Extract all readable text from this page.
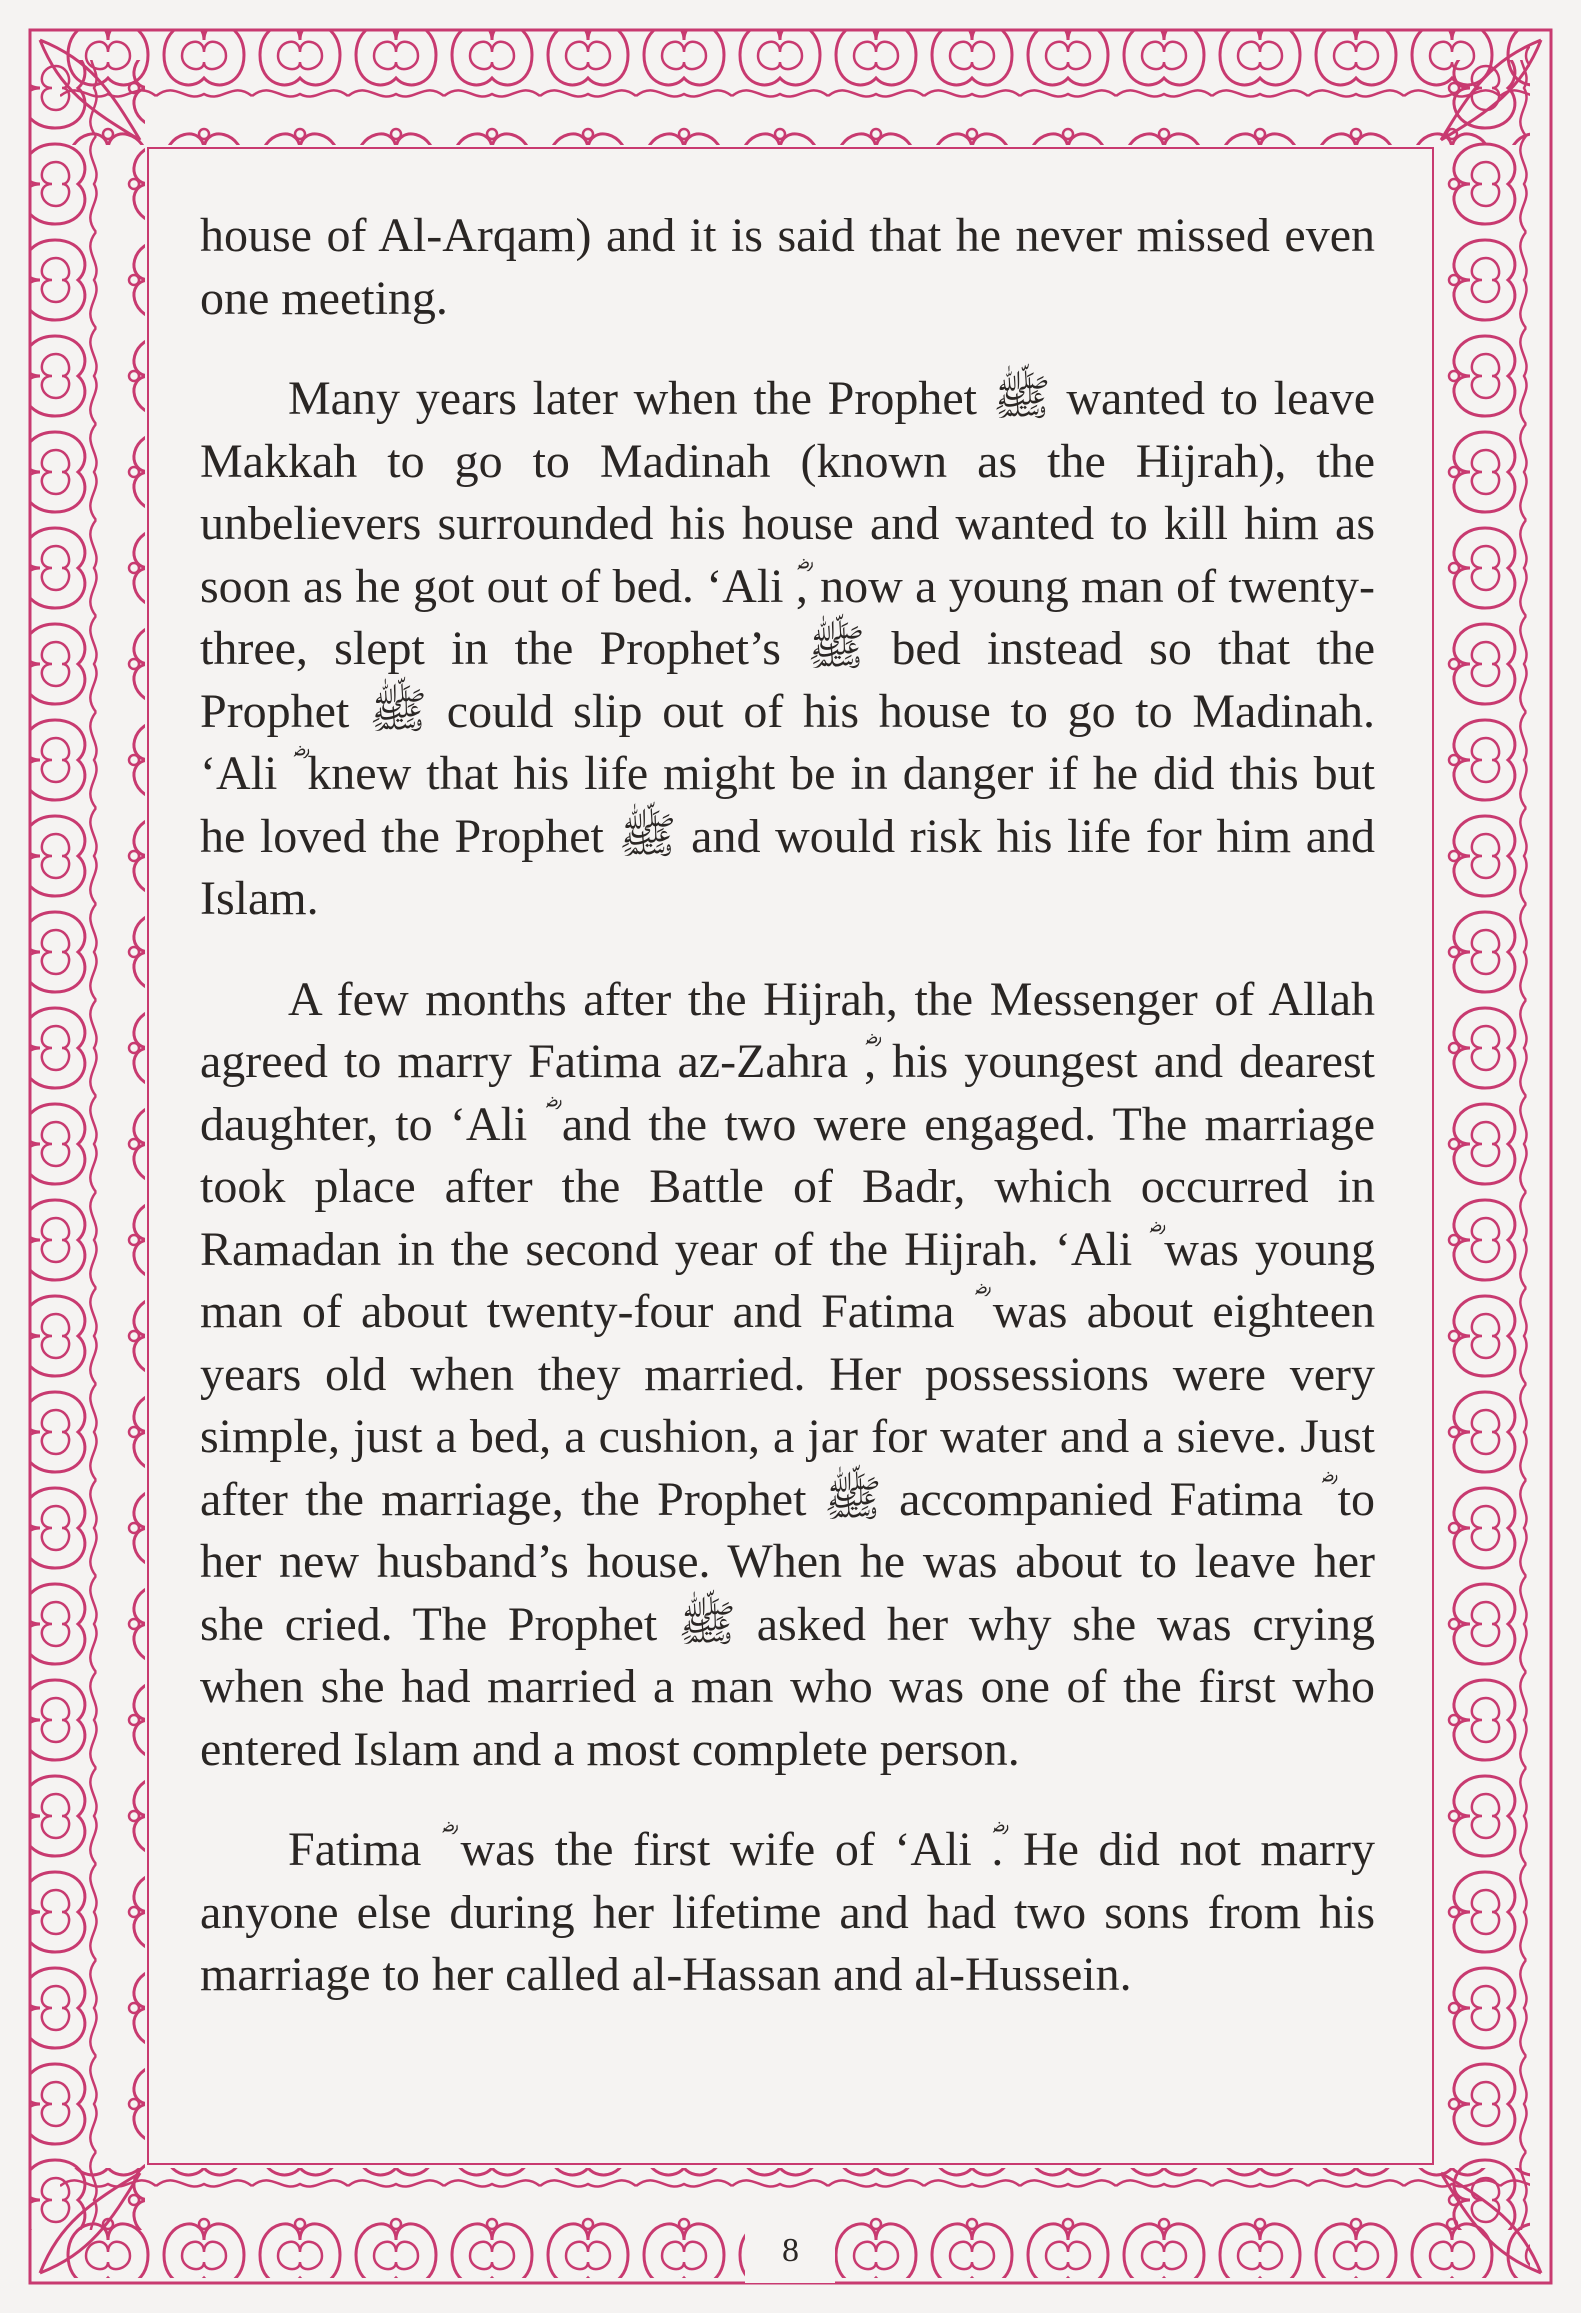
house of Al-Arqam) and it is said that he never missed even one meeting.

Many years later when the Prophet ﷺ wanted to leave Makkah to go to Madinah (known as the Hijrah), the unbelievers surrounded his house and wanted to kill him as soon as he got out of bed. ‘Ali ؓ, now a young man of twenty-three, slept in the Prophet’s ﷺ bed instead so that the Prophet ﷺ could slip out of his house to go to Madinah. ‘Ali ؓ knew that his life might be in danger if he did this but he loved the Prophet ﷺ and would risk his life for him and Islam.

A few months after the Hijrah, the Messenger of Allah agreed to marry Fatima az-Zahra ؓ, his youngest and dearest daughter, to ‘Ali ؓ and the two were engaged. The marriage took place after the Battle of Badr, which occurred in Ramadan in the second year of the Hijrah. ‘Ali ؓ was young man of about twenty-four and Fatima ؓ was about eighteen years old when they married. Her possessions were very simple, just a bed, a cushion, a jar for water and a sieve. Just after the marriage, the Prophet ﷺ accompanied Fatima ؓ to her new husband’s house. When he was about to leave her she cried. The Prophet ﷺ asked her why she was crying when she had married a man who was one of the first who entered Islam and a most complete person.

Fatima ؓ was the first wife of ‘Ali ؓ. He did not marry anyone else during her lifetime and had two sons from his marriage to her called al-Hassan and al-Hussein.

8
